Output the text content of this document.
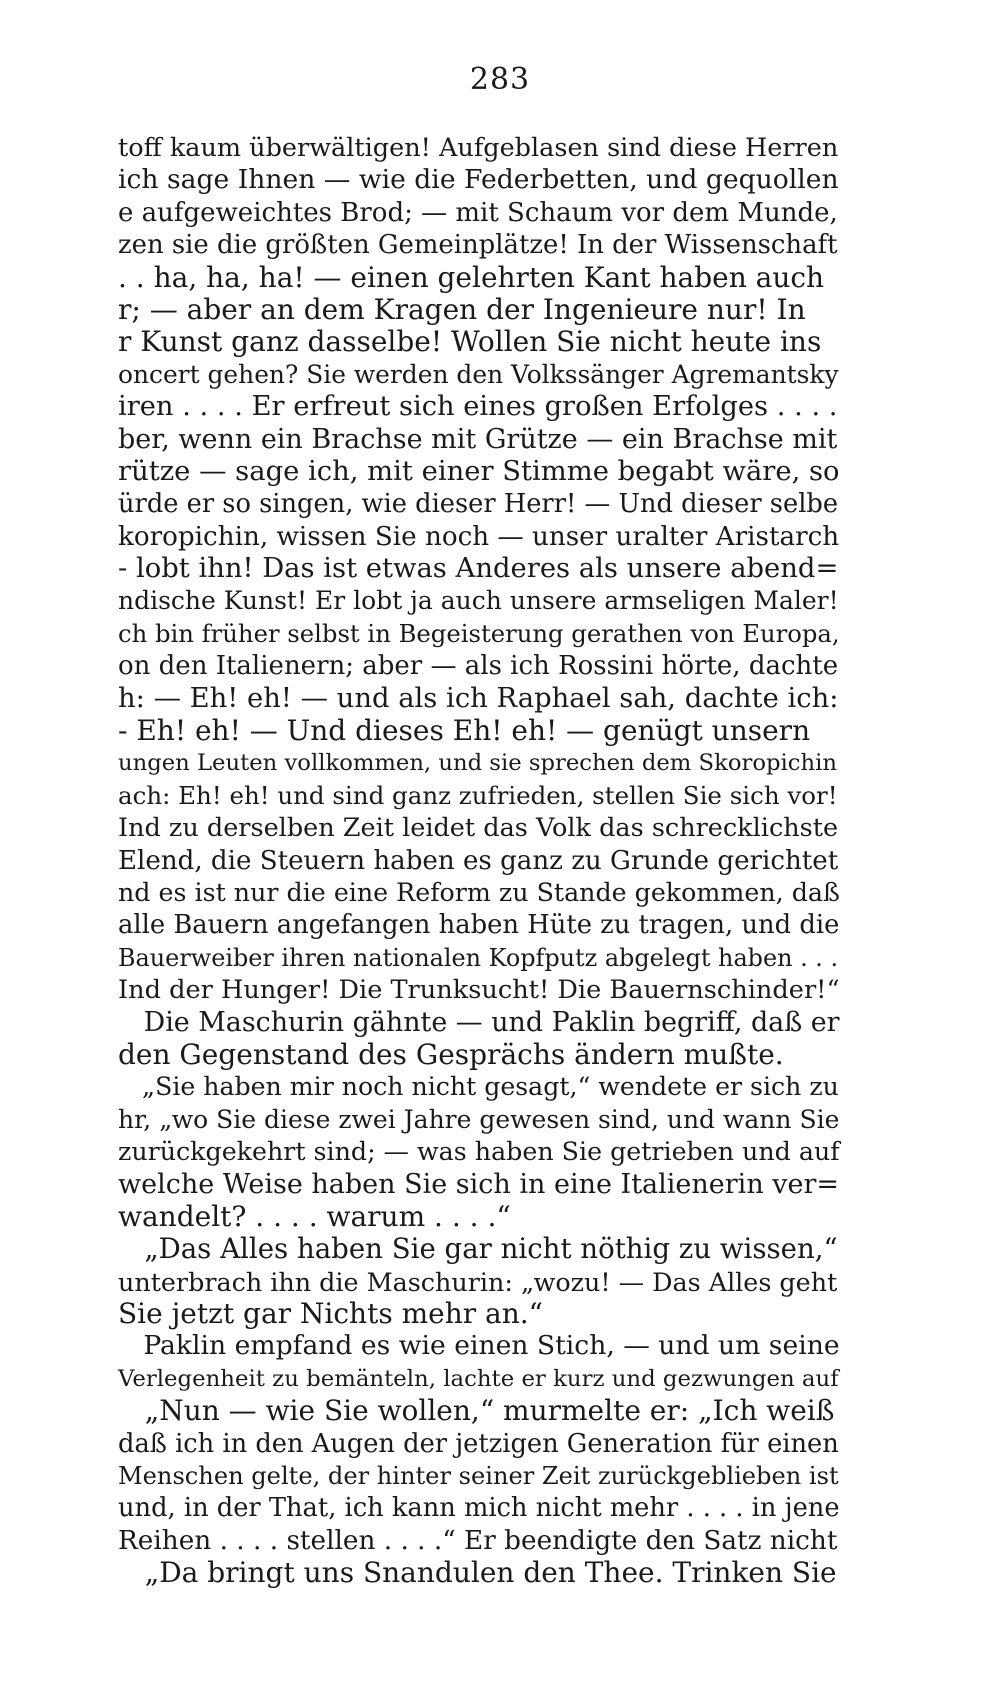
283
toff kaum überwältigen! Aufgeblasen sind diese Herren
ich sage Ihnen — wie die Federbetten, und gequollen
e aufgeweichtes Brod; — mit Schaum vor dem Munde,
zen sie die größten Gemeinplätze! In der Wissenschaft
. . ha, ha, ha! — einen gelehrten Kant haben auch
r; — aber an dem Kragen der Ingenieure nur! In
r Kunst ganz dasselbe! Wollen Sie nicht heute ins
oncert gehen? Sie werden den Volkssänger Agremantsky
iren . . . . Er erfreut sich eines großen Erfolges . . . .
ber, wenn ein Brachse mit Grütze — ein Brachse mit
rütze — sage ich, mit einer Stimme begabt wäre, so
ürde er so singen, wie dieser Herr! — Und dieser selbe
koropichin, wissen Sie noch — unser uralter Aristarch
- lobt ihn! Das ist etwas Anderes als unsere abend=
ndische Kunst! Er lobt ja auch unsere armseligen Maler!
ch bin früher selbst in Begeisterung gerathen von Europa,
on den Italienern; aber — als ich Rossini hörte, dachte
h: — Eh! eh! — und als ich Raphael sah, dachte ich:
- Eh! eh! — Und dieses Eh! eh! — genügt unsern
ungen Leuten vollkommen, und sie sprechen dem Skoropichin
ach: Eh! eh! und sind ganz zufrieden, stellen Sie sich vor!
Ind zu derselben Zeit leidet das Volk das schrecklichste
Elend, die Steuern haben es ganz zu Grunde gerichtet
nd es ist nur die eine Reform zu Stande gekommen, daß
alle Bauern angefangen haben Hüte zu tragen, und die
Bauerweiber ihren nationalen Kopfputz abgelegt haben . . .
Ind der Hunger! Die Trunksucht! Die Bauernschinder!“
Die Maschurin gähnte — und Paklin begriff, daß er
den Gegenstand des Gesprächs ändern mußte.
„Sie haben mir noch nicht gesagt,“ wendete er sich zu
hr, „wo Sie diese zwei Jahre gewesen sind, und wann Sie
zurückgekehrt sind; — was haben Sie getrieben und auf
welche Weise haben Sie sich in eine Italienerin ver=
wandelt? . . . . warum . . . .“
„Das Alles haben Sie gar nicht nöthig zu wissen,“
unterbrach ihn die Maschurin: „wozu! — Das Alles geht
Sie jetzt gar Nichts mehr an.“
Paklin empfand es wie einen Stich, — und um seine
Verlegenheit zu bemänteln, lachte er kurz und gezwungen auf
„Nun — wie Sie wollen,“ murmelte er: „Ich weiß
daß ich in den Augen der jetzigen Generation für einen
Menschen gelte, der hinter seiner Zeit zurückgeblieben ist
und, in der That, ich kann mich nicht mehr . . . . in jene
Reihen . . . . stellen . . . .“ Er beendigte den Satz nicht
„Da bringt uns Snandulen den Thee. Trinken Sie
